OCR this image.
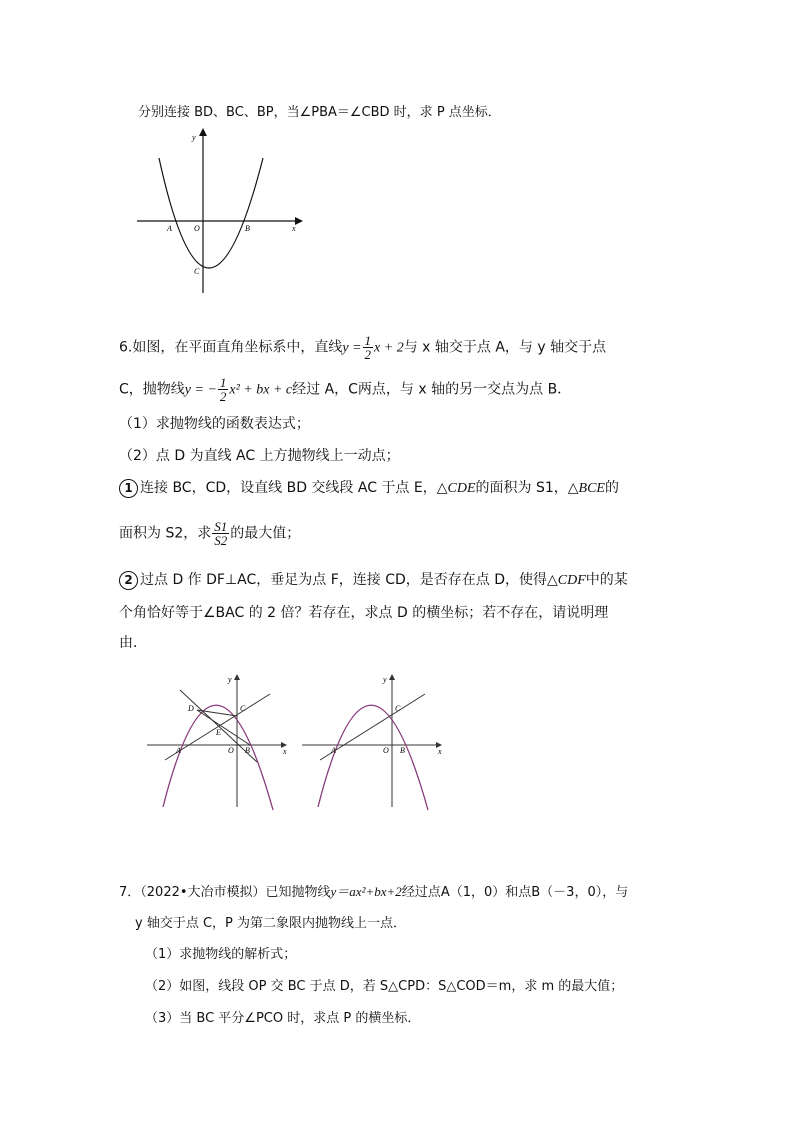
分别连接 BD、BC、BP，当∠PBA＝∠CBD 时，求 P 点坐标．
y
x
O
A	B
C
6.如图，在平面直角坐标系中，直线$y = \frac{1}{2}$ x + 2与 x 轴交于点 A，与 y 轴交于点
C，抛物线y = − $\frac{1}{2} x^2$ + bx + c经过 A，C两点，与 x 轴的另一交点为点 B．
（1）求抛物线的函数表达式；
（2）点 D 为直线 AC 上方抛物线上一动点；
1 连接 BC，CD，设直线 BD 交线段 AC 于点 E，△CDE的面积为 S1，△BCE的
面积为 S2，求 $\frac{S1}{S2}$ 的最大值；
2 过点 D 作 DF⊥AC，垂足为点 F，连接 CD，是否存在点 D，使得△CDF中的某
个角恰好等于∠BAC 的 2 倍？若存在，求点 D 的横坐标；若不存在，请说明理
由．
y
x
D	C
E
A	O B
y
x
C
A	O B
7．（2022•大冶市模拟）已知抛物线y＝ax²+bx+2经过点A（1，0）和点B（－3，0），与
y 轴交于点 C，P 为第二象限内抛物线上一点．
（1）求抛物线的解析式；
（2）如图，线段 OP 交 BC 于点 D，若 S△CPD：S△COD＝m，求 m 的最大值；
（3）当 BC 平分∠PCO 时，求点 P 的横坐标．
